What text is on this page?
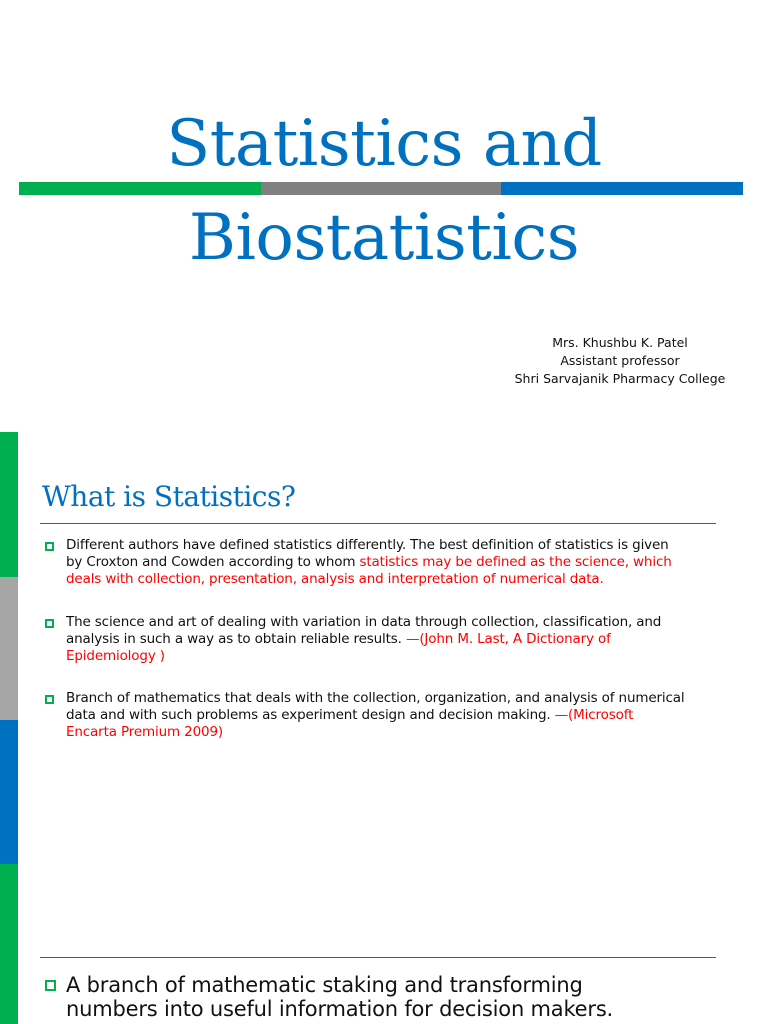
Statistics and
Biostatistics
Mrs. Khushbu K. Patel
Assistant professor
Shri Sarvajanik Pharmacy College
What is Statistics?
Different authors have defined statistics differently. The best definition of statistics is given
by Croxton and Cowden according to whom statistics may be defined as the science, which
deals with collection, presentation, analysis and interpretation of numerical data.
The science and art of dealing with variation in data through collection, classification, and
analysis in such a way as to obtain reliable results. —(John M. Last, A Dictionary of
Epidemiology )
Branch of mathematics that deals with the collection, organization, and analysis of numerical
data and with such problems as experiment design and decision making. —(Microsoft
Encarta Premium 2009)
A branch of mathematic staking and transforming
numbers into useful information for decision makers.
